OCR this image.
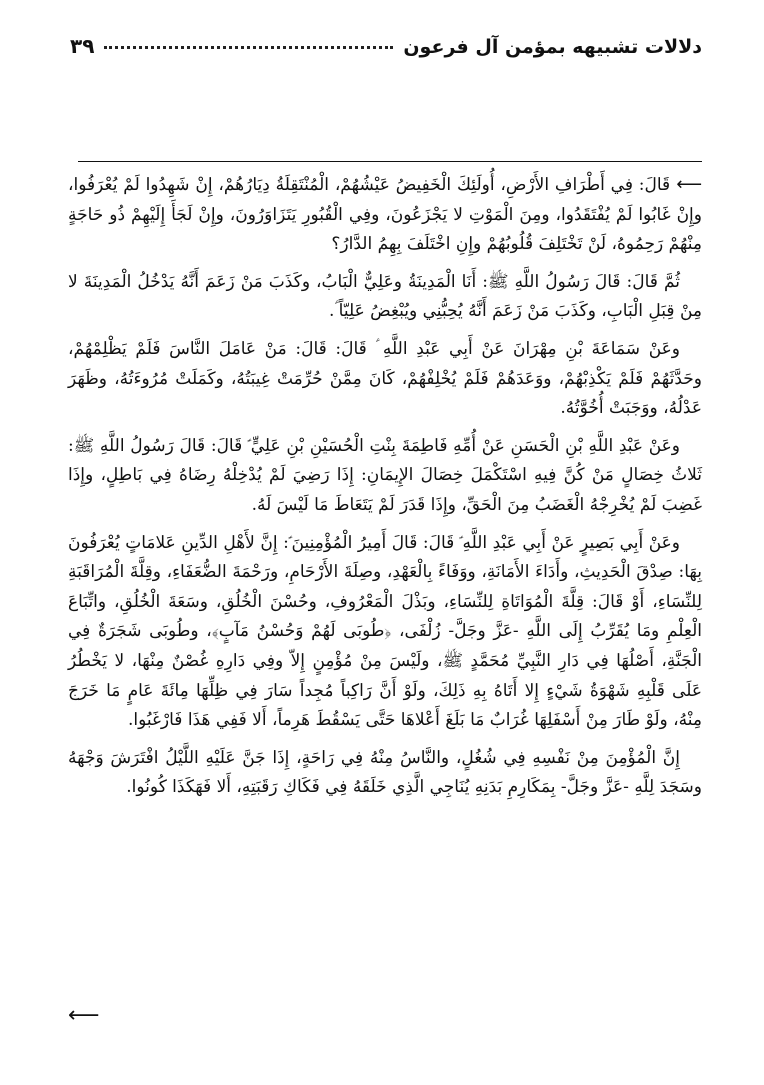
دلالات تشبيهه بمؤمن آل فرعون
٣٩

⟵قَالَ: فِي أَطْرَافِ الأَرْضِ، أُولَئِكَ الْخَفِيضُ عَيْشُهُمْ، الْمُنْتَقِلَةُ دِيَارُهُمْ، إِنْ شَهِدُوا لَمْ يُعْرَفُوا، وإِنْ غَابُوا لَمْ يُفْتَقَدُوا، ومِنَ الْمَوْتِ لا يَجْزَعُونَ، وفِي الْقُبُورِ يَتَزَاوَرُونَ، وإِنْ لَجَأَ إِلَيْهِمْ ذُو حَاجَةٍ مِنْهُمْ رَحِمُوهُ، لَنْ تَخْتَلِفَ قُلُوبُهُمْ وإِنِ اخْتَلَفَ بِهِمُ الدَّارُ؟

ثُمَّ قَالَ: قَالَ رَسُولُ اللَّهِ ﷺ: أَنَا الْمَدِينَةُ وعَلِيٌّ الْبَابُ، وكَذَبَ مَنْ زَعَمَ أَنَّهُ يَدْخُلُ الْمَدِينَةَ لا مِنْ قِبَلِ الْبَابِ، وكَذَبَ مَنْ زَعَمَ أَنَّهُ يُحِبُّنِي ويُبْغِضُ عَلِيّاً ؑ.

وعَنْ سَمَاعَةَ بْنِ مِهْرَانَ عَنْ أَبِي عَبْدِ اللَّهِ ؑ قَالَ: قَالَ: مَنْ عَامَلَ النَّاسَ فَلَمْ يَظْلِمْهُمْ، وحَدَّثَهُمْ فَلَمْ يَكْذِبْهُمْ، ووَعَدَهُمْ فَلَمْ يُخْلِفْهُمْ، كَانَ مِمَّنْ حُرِّمَتْ غِيبَتُهُ، وكَمَلَتْ مُرُوءَتُهُ، وظَهَرَ عَدْلُهُ، ووَجَبَتْ أُخُوَّتُهُ.

وعَنْ عَبْدِ اللَّهِ بْنِ الْحَسَنِ عَنْ أُمِّهِ فَاطِمَةَ بِنْتِ الْحُسَيْنِ بْنِ عَلِيٍّ ؑ قَالَ: قَالَ رَسُولُ اللَّهِ ﷺ: ثَلاثُ خِصَالٍ مَنْ كُنَّ فِيهِ اسْتَكْمَلَ خِصَالَ الإِيمَانِ: إِذَا رَضِيَ لَمْ يُدْخِلْهُ رِضَاهُ فِي بَاطِلٍ، وإِذَا غَضِبَ لَمْ يُخْرِجْهُ الْغَضَبُ مِنَ الْحَقِّ، وإِذَا قَدَرَ لَمْ يَتَعَاطَ مَا لَيْسَ لَهُ.

وعَنْ أَبِي بَصِيرٍ عَنْ أَبِي عَبْدِ اللَّهِ ؑ قَالَ: قَالَ أَمِيرُ الْمُؤْمِنِينَ ؑ: إِنَّ لأَهْلِ الدِّينِ عَلامَاتٍ يُعْرَفُونَ بِهَا: صِدْقَ الْحَدِيثِ، وأَدَاءَ الأَمَانَةِ، ووَفَاءً بِالْعَهْدِ، وصِلَةَ الأَرْحَامِ، ورَحْمَةَ الضُّعَفَاءِ، وقِلَّةَ الْمُرَاقَبَةِ لِلنِّسَاءِ، أَوْ قَالَ: قِلَّةَ الْمُوَاتَاةِ لِلنِّسَاءِ، وبَذْلَ الْمَعْرُوفِ، وحُسْنَ الْخُلُقِ، وسَعَةَ الْخُلُقِ، واتِّبَاعَ الْعِلْمِ ومَا يُقَرِّبُ إِلَى اللَّهِ -عَزَّ وجَلَّ- زُلْفَى، ﴿طُوبَى لَهُمْ وَحُسْنُ مَآبٍ﴾، وطُوبَى شَجَرَةٌ فِي الْجَنَّةِ، أَصْلُهَا فِي دَارِ النَّبِيِّ مُحَمَّدٍ ﷺ، ولَيْسَ مِنْ مُؤْمِنٍ إِلاّ وفِي دَارِهِ غُصْنٌ مِنْهَا، لا يَخْطُرُ عَلَى قَلْبِهِ شَهْوَةُ شَيْءٍ إِلا أَتَاهُ بِهِ ذَلِكَ، ولَوْ أَنَّ رَاكِباً مُجِداً سَارَ فِي ظِلِّهَا مِائَةَ عَامٍ مَا خَرَجَ مِنْهُ، ولَوْ طَارَ مِنْ أَسْفَلِهَا غُرَابٌ مَا بَلَغَ أَعْلاهَا حَتَّى يَسْقُطَ هَرِماً، أَلا فَفِي هَذَا فَارْغَبُوا.

إِنَّ الْمُؤْمِنَ مِنْ نَفْسِهِ فِي شُغُلٍ، والنَّاسُ مِنْهُ فِي رَاحَةٍ، إِذَا جَنَّ عَلَيْهِ اللَّيْلُ افْتَرَشَ وَجْهَهُ وسَجَدَ لِلَّهِ -عَزَّ وجَلَّ- بِمَكَارِمِ بَدَنِهِ يُنَاجِي الَّذِي خَلَقَهُ فِي فَكَاكِ رَقَبَتِهِ، أَلا فَهَكَذَا كُونُوا.

⟵
